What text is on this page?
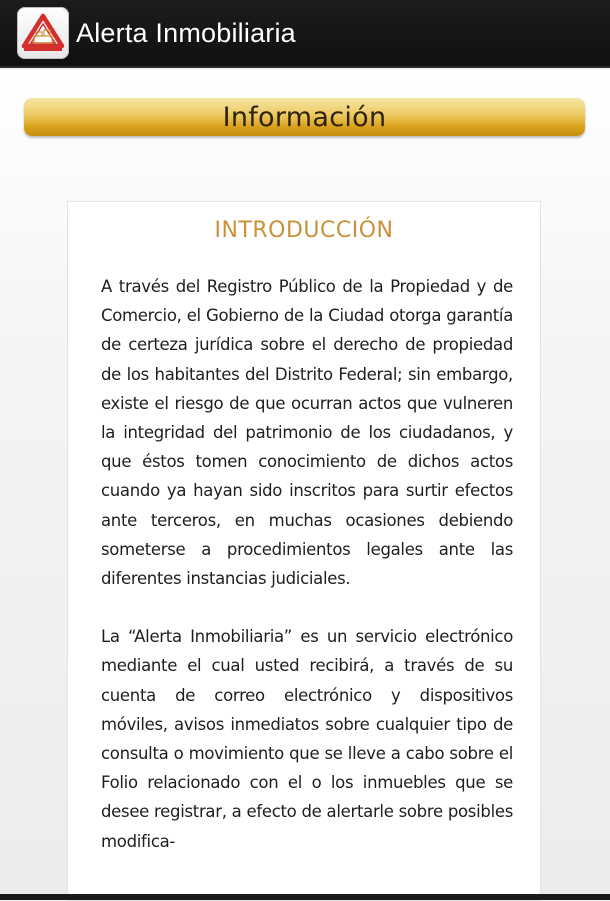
Alerta Inmobiliaria
Información
INTRODUCCIÓN

A través del Registro Público de la Propiedad y de Comercio, el Gobierno de la Ciudad otorga garantía de certeza jurídica sobre el derecho de propiedad de los habitantes del Distrito Federal; sin embargo, existe el riesgo de que ocurran actos que vulneren la integridad del patrimonio de los ciudadanos, y que éstos tomen conocimiento de dichos actos cuando ya hayan sido inscritos para surtir efectos ante terceros, en muchas ocasiones debiendo someterse a procedimientos legales ante las diferentes instancias judiciales.

La “Alerta Inmobiliaria” es un servicio electrónico mediante el cual usted recibirá, a través de su cuenta de correo electrónico y dispositivos móviles, avisos inmediatos sobre cualquier tipo de consulta o movimiento que se lleve a cabo sobre el Folio relacionado con el o los inmuebles que se desee registrar, a efecto de alertarle sobre posibles modifica-
